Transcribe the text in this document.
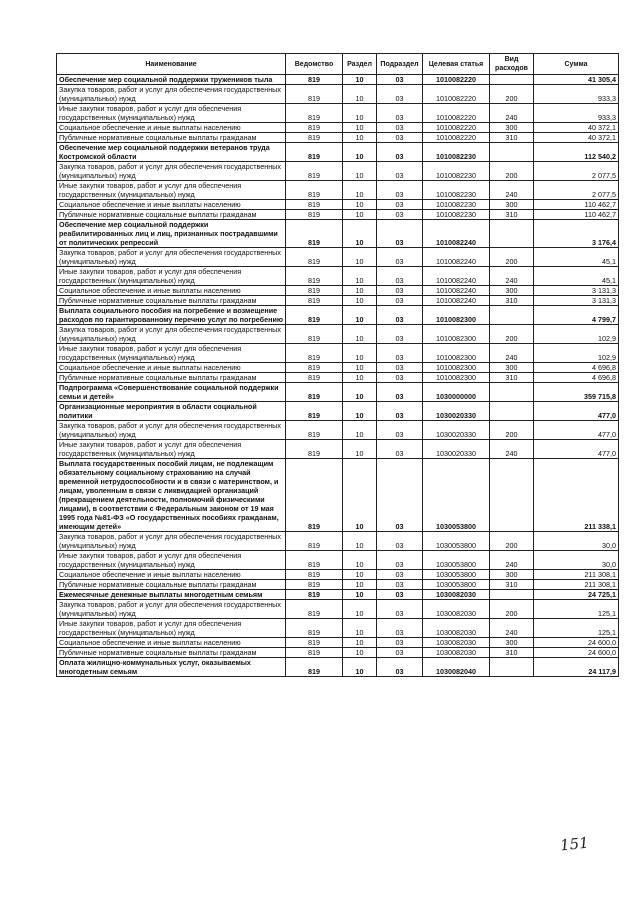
Наименование	Ведомство	Раздел	Подраздел	Целевая статья	Вид расходов	Сумма
Обеспечение мер социальной поддержки тружеников тыла	819	10	03	1010082220		41 305,4
Закупка товаров, работ и услуг для обеспечения государственных (муниципальных) нужд	819	10	03	1010082220	200	933,3
Иные закупки товаров, работ и услуг для обеспечения государственных (муниципальных) нужд	819	10	03	1010082220	240	933,3
Социальное обеспечение и иные выплаты населению	819	10	03	1010082220	300	40 372,1
Публичные нормативные социальные выплаты гражданам	819	10	03	1010082220	310	40 372,1
Обеспечение мер социальной поддержки ветеранов труда Костромской области	819	10	03	1010082230		112 540,2
Закупка товаров, работ и услуг для обеспечения государственных (муниципальных) нужд	819	10	03	1010082230	200	2 077,5
Иные закупки товаров, работ и услуг для обеспечения государственных (муниципальных) нужд	819	10	03	1010082230	240	2 077,5
Социальное обеспечение и иные выплаты населению	819	10	03	1010082230	300	110 462,7
Публичные нормативные социальные выплаты гражданам	819	10	03	1010082230	310	110 462,7
Обеспечение мер социальной поддержки реабилитированных лиц и лиц, признанных пострадавшими от политических репрессий	819	10	03	1010082240		3 176,4
Закупка товаров, работ и услуг для обеспечения государственных (муниципальных) нужд	819	10	03	1010082240	200	45,1
Иные закупки товаров, работ и услуг для обеспечения государственных (муниципальных) нужд	819	10	03	1010082240	240	45,1
Социальное обеспечение и иные выплаты населению	819	10	03	1010082240	300	3 131,3
Публичные нормативные социальные выплаты гражданам	819	10	03	1010082240	310	3 131,3
Выплата социального пособия на погребение и возмещение расходов по гарантированному перечню услуг по погребению	819	10	03	1010082300		4 799,7
Закупка товаров, работ и услуг для обеспечения государственных (муниципальных) нужд	819	10	03	1010082300	200	102,9
Иные закупки товаров, работ и услуг для обеспечения государственных (муниципальных) нужд	819	10	03	1010082300	240	102,9
Социальное обеспечение и иные выплаты населению	819	10	03	1010082300	300	4 696,8
Публичные нормативные социальные выплаты гражданам	819	10	03	1010082300	310	4 696,8
Подпрограмма «Совершенствование социальной поддержки семьи и детей»	819	10	03	1030000000		359 715,8
Организационные мероприятия в области социальной политики	819	10	03	1030020330		477,0
Закупка товаров, работ и услуг для обеспечения государственных (муниципальных) нужд	819	10	03	1030020330	200	477,0
Иные закупки товаров, работ и услуг для обеспечения государственных (муниципальных) нужд	819	10	03	1030020330	240	477,0
Выплата государственных пособий лицам, не подлежащим обязательному социальному страхованию на случай временной нетрудоспособности и в связи с материнством, и лицам, уволенным в связи с ликвидацией организаций (прекращением деятельности, полномочий физическими лицами), в соответствии с Федеральным законом от 19 мая 1995 года №81-ФЗ «О государственных пособиях гражданам, имеющим детей»	819	10	03	1030053800		211 338,1
Закупка товаров, работ и услуг для обеспечения государственных (муниципальных) нужд	819	10	03	1030053800	200	30,0
Иные закупки товаров, работ и услуг для обеспечения государственных (муниципальных) нужд	819	10	03	1030053800	240	30,0
Социальное обеспечение и иные выплаты населению	819	10	03	1030053800	300	211 308,1
Публичные нормативные социальные выплаты гражданам	819	10	03	1030053800	310	211 308,1
Ежемесячные денежные выплаты многодетным семьям	819	10	03	1030082030		24 725,1
Закупка товаров, работ и услуг для обеспечения государственных (муниципальных) нужд	819	10	03	1030082030	200	125,1
Иные закупки товаров, работ и услуг для обеспечения государственных (муниципальных) нужд	819	10	03	1030082030	240	125,1
Социальное обеспечение и иные выплаты населению	819	10	03	1030082030	300	24 600,0
Публичные нормативные социальные выплаты гражданам	819	10	03	1030082030	310	24 600,0
Оплата жилищно-коммунальных услуг, оказываемых многодетным семьям	819	10	03	1030082040		24 117,9
151
